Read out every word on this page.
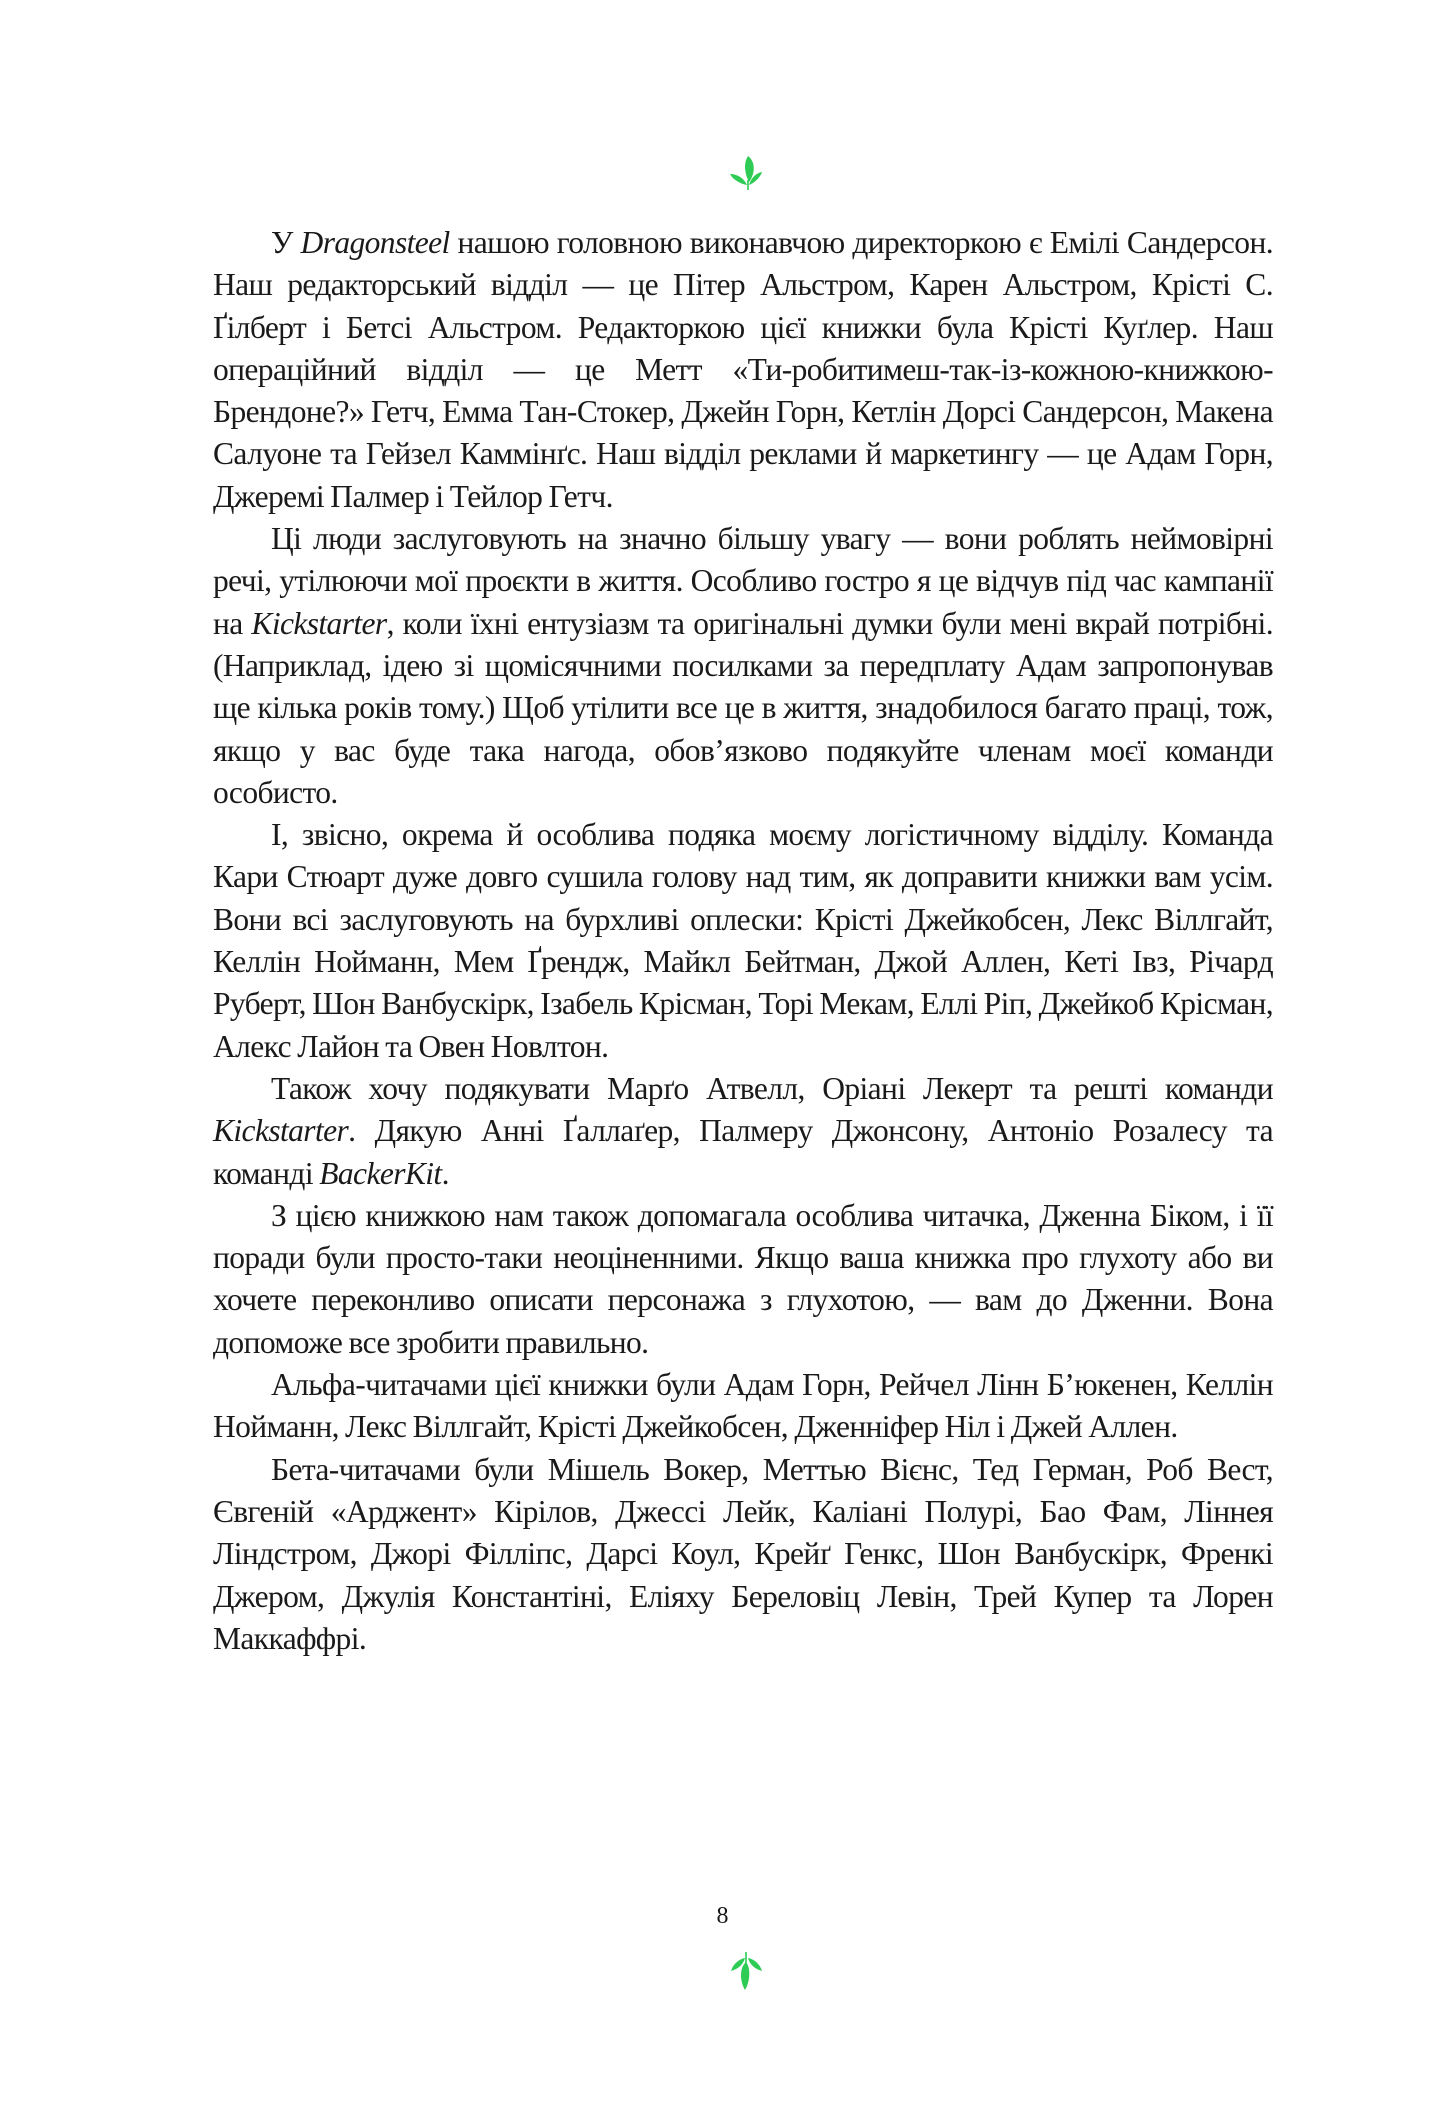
У Dragonsteel нашою головною виконавчою директоркою є Емілі Сандерсон. Наш редакторський відділ — це Пітер Альстром, Карен Альстром, Крісті С. Ґілберт і Бетсі Альстром. Редакторкою цієї книжки була Крісті Куґлер. Наш операційний відділ — це Метт «Ти-робитимеш-так-із-кожною-книжкою-Брендоне?» Гетч, Емма Тан-Стокер, Джейн Горн, Кетлін Дорсі Сандерсон, Макена Салуоне та Гейзел Каммінґс. Наш відділ реклами й маркетингу — це Адам Горн, Джеремі Палмер і Тейлор Гетч.

Ці люди заслуговують на значно більшу увагу — вони роблять неймовірні речі, утілюючи мої проєкти в життя. Особливо гостро я це відчув під час кампанії на Kickstarter, коли їхні ентузіазм та оригінальні думки були мені вкрай потрібні. (Наприклад, ідею зі щомісячними посилками за передплату Адам запропонував ще кілька років тому.) Щоб утілити все це в життя, знадобилося багато праці, тож, якщо у вас буде така нагода, обов’язково подякуйте членам моєї команди особисто.

І, звісно, окрема й особлива подяка моєму логістичному відділу. Команда Кари Стюарт дуже довго сушила голову над тим, як доправити книжки вам усім. Вони всі заслуговують на бурхливі оплески: Крісті Джейкобсен, Лекс Віллгайт, Келлін Нойманн, Мем Ґрендж, Майкл Бейтман, Джой Аллен, Кеті Івз, Річард Руберт, Шон Ванбускірк, Ізабель Крісман, Торі Мекам, Еллі Ріп, Джейкоб Крісман, Алекс Лайон та Овен Новлтон.

Також хочу подякувати Марґо Атвелл, Оріані Лекерт та решті команди Kickstarter. Дякую Анні Ґаллаґер, Палмеру Джонсону, Антоніо Розалесу та команді BackerKit.

З цією книжкою нам також допомагала особлива читачка, Дженна Біком, і її поради були просто-таки неоціненними. Якщо ваша книжка про глухоту або ви хочете переконливо описати персонажа з глухотою, — вам до Дженни. Вона допоможе все зробити правильно.

Альфа-читачами цієї книжки були Адам Горн, Рейчел Лінн Б’юкенен, Келлін Нойманн, Лекс Віллгайт, Крісті Джейкобсен, Дженніфер Ніл і Джей Аллен.

Бета-читачами були Мішель Вокер, Меттью Вієнс, Тед Герман, Роб Вест, Євгеній «Арджент» Кірілов, Джессі Лейк, Каліані Полурі, Бао Фам, Ліннея Ліндстром, Джорі Філліпс, Дарсі Коул, Крейґ Генкс, Шон Ванбускірк, Френкі Джером, Джулія Константіні, Еліяху Береловіц Левін, Трей Купер та Лорен Маккаффрі.

8
